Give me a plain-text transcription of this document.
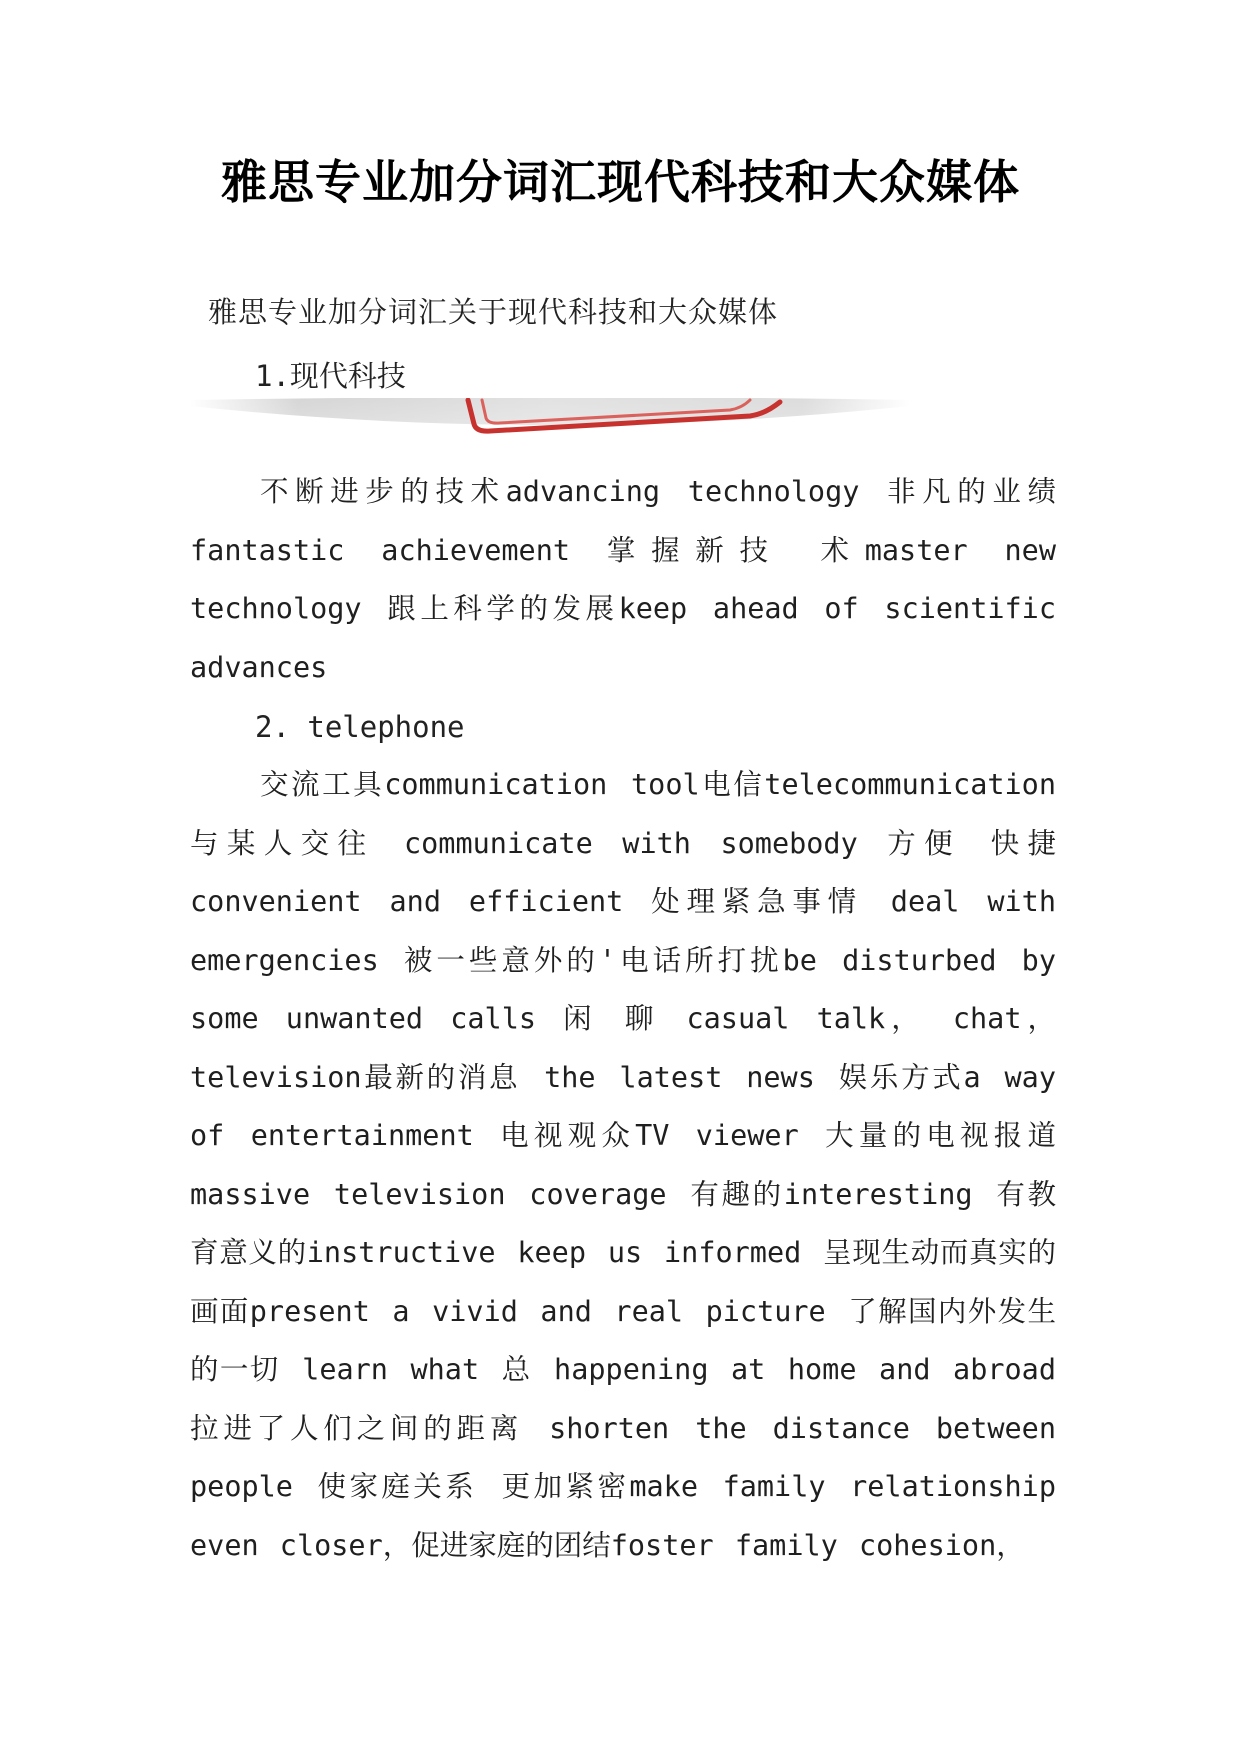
雅思专业加分词汇现代科技和大众媒体
雅思专业加分词汇关于现代科技和大众媒体
1.现代科技
不断进步的技术advancing technology 非凡的业绩fantastic achievement 掌握新技 术master new technology 跟上科学的发展keep ahead of scientific advances
2. telephone
交流工具communication tool电信telecommunication与某人交往 communicate with somebody 方便 快捷convenient and efficient 处理紧急事情 deal with emergencies 被一些意外的'电话所打扰be disturbed by some unwanted calls 闲 聊 casual talk， chat，television最新的消息 the latest news 娱乐方式a way of entertainment 电视观众TV viewer 大量的电视报道massive television coverage 有趣的interesting 有教育意义的instructive keep us informed 呈现生动而真实的画面present a vivid and real picture 了解国内外发生的一切 learn what 总 happening at home and abroad 拉进了人们之间的距离 shorten the distance between people 使家庭关系 更加紧密make family relationship even closer，促进家庭的团结foster family cohesion，
